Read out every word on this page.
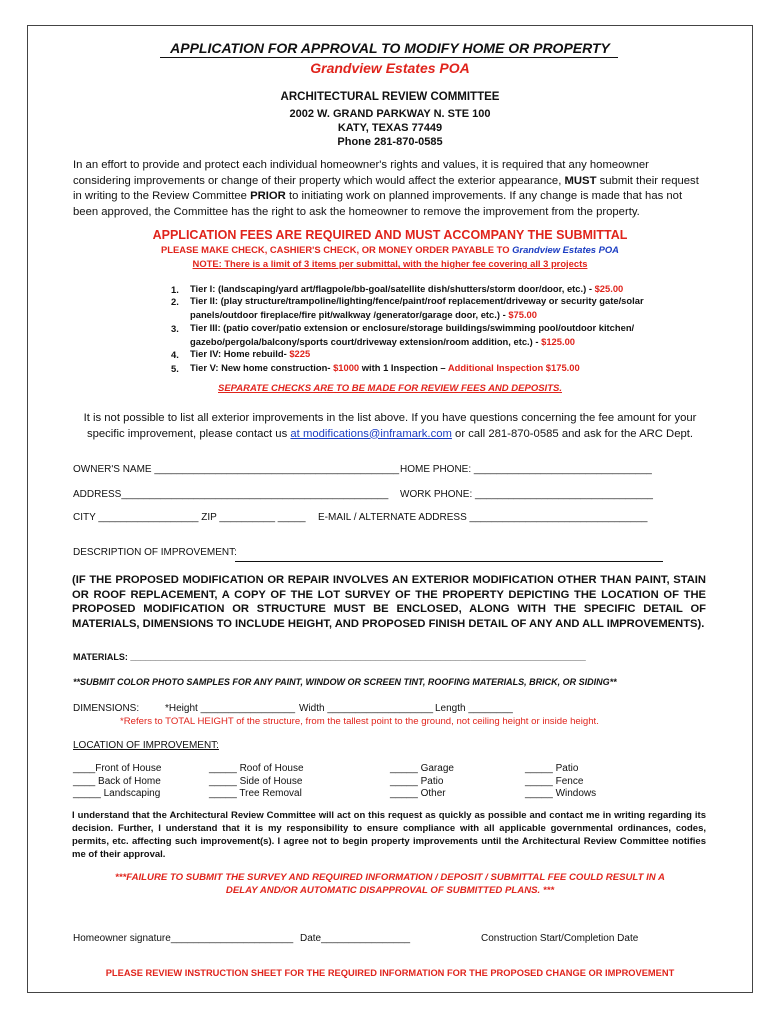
APPLICATION FOR APPROVAL TO MODIFY HOME OR PROPERTY
Grandview Estates POA
ARCHITECTURAL REVIEW COMMITTEE
2002 W. GRAND PARKWAY N. STE 100
KATY, TEXAS 77449
Phone 281-870-0585
In an effort to provide and protect each individual homeowner's rights and values, it is required that any homeowner considering improvements or change of their property which would affect the exterior appearance, MUST submit their request in writing to the Review Committee PRIOR to initiating work on planned improvements. If any change is made that has not been approved, the Committee has the right to ask the homeowner to remove the improvement from the property.
APPLICATION FEES ARE REQUIRED AND MUST ACCOMPANY THE SUBMITTAL
PLEASE MAKE CHECK, CASHIER'S CHECK, OR MONEY ORDER PAYABLE TO Grandview Estates POA
NOTE: There is a limit of 3 items per submittal, with the higher fee covering all 3 projects
1. Tier I: (landscaping/yard art/flagpole/bb-goal/satellite dish/shutters/storm door/door, etc.) - $25.00
2. Tier II: (play structure/trampoline/lighting/fence/paint/roof replacement/driveway or security gate/solar panels/outdoor fireplace/fire pit/walkway /generator/garage door, etc.) - $75.00
3. Tier III: (patio cover/patio extension or enclosure/storage buildings/swimming pool/outdoor kitchen/ gazebo/pergola/balcony/sports court/driveway extension/room addition, etc.) - $125.00
4. Tier IV: Home rebuild- $225
5. Tier V: New home construction- $1000 with 1 Inspection – Additional Inspection $175.00
SEPARATE CHECKS ARE TO BE MADE FOR REVIEW FEES AND DEPOSITS.
It is not possible to list all exterior improvements in the list above. If you have questions concerning the fee amount for your specific improvement, please contact us at modifications@inframark.com or call 281-870-0585 and ask for the ARC Dept.
OWNER'S NAME ____________________________________________ HOME PHONE: ________________________________
ADDRESS________________________________________________ WORK PHONE: ________________________________
CITY __________________ ZIP __________ _____ E-MAIL / ALTERNATE ADDRESS ________________________________
DESCRIPTION OF IMPROVEMENT:
(IF THE PROPOSED MODIFICATION OR REPAIR INVOLVES AN EXTERIOR MODIFICATION OTHER THAN PAINT, STAIN OR ROOF REPLACEMENT, A COPY OF THE LOT SURVEY OF THE PROPERTY DEPICTING THE LOCATION OF THE PROPOSED MODIFICATION OR STRUCTURE MUST BE ENCLOSED, ALONG WITH THE SPECIFIC DETAIL OF MATERIALS, DIMENSIONS TO INCLUDE HEIGHT, AND PROPOSED FINISH DETAIL OF ANY AND ALL IMPROVEMENTS).
MATERIALS: ___________________________________________________________________________________________
**SUBMIT COLOR PHOTO SAMPLES FOR ANY PAINT, WINDOW OR SCREEN TINT, ROOFING MATERIALS, BRICK, OR SIDING**
DIMENSIONS:	*Height _________________ Width ___________________ Length ________
*Refers to TOTAL HEIGHT of the structure, from the tallest point to the ground, not ceiling height or inside height.
LOCATION OF IMPROVEMENT:
____Front of House
____ Back of Home
_____ Landscaping
_____ Roof of House
_____ Side of House
_____ Tree Removal
_____ Garage
_____ Patio
_____ Other
_____ Patio
_____ Fence
_____ Windows
I understand that the Architectural Review Committee will act on this request as quickly as possible and contact me in writing regarding its decision. Further, I understand that it is my responsibility to ensure compliance with all applicable governmental ordinances, codes, permits, etc. affecting such improvement(s). I agree not to begin property improvements until the Architectural Review Committee notifies me of their approval.
***FAILURE TO SUBMIT THE SURVEY AND REQUIRED INFORMATION / DEPOSIT / SUBMITTAL FEE COULD RESULT IN A DELAY AND/OR AUTOMATIC DISAPPROVAL OF SUBMITTED PLANS. ***
Homeowner signature______________________ Date________________	Construction Start/Completion Date
PLEASE REVIEW INSTRUCTION SHEET FOR THE REQUIRED INFORMATION FOR THE PROPOSED CHANGE OR IMPROVEMENT
